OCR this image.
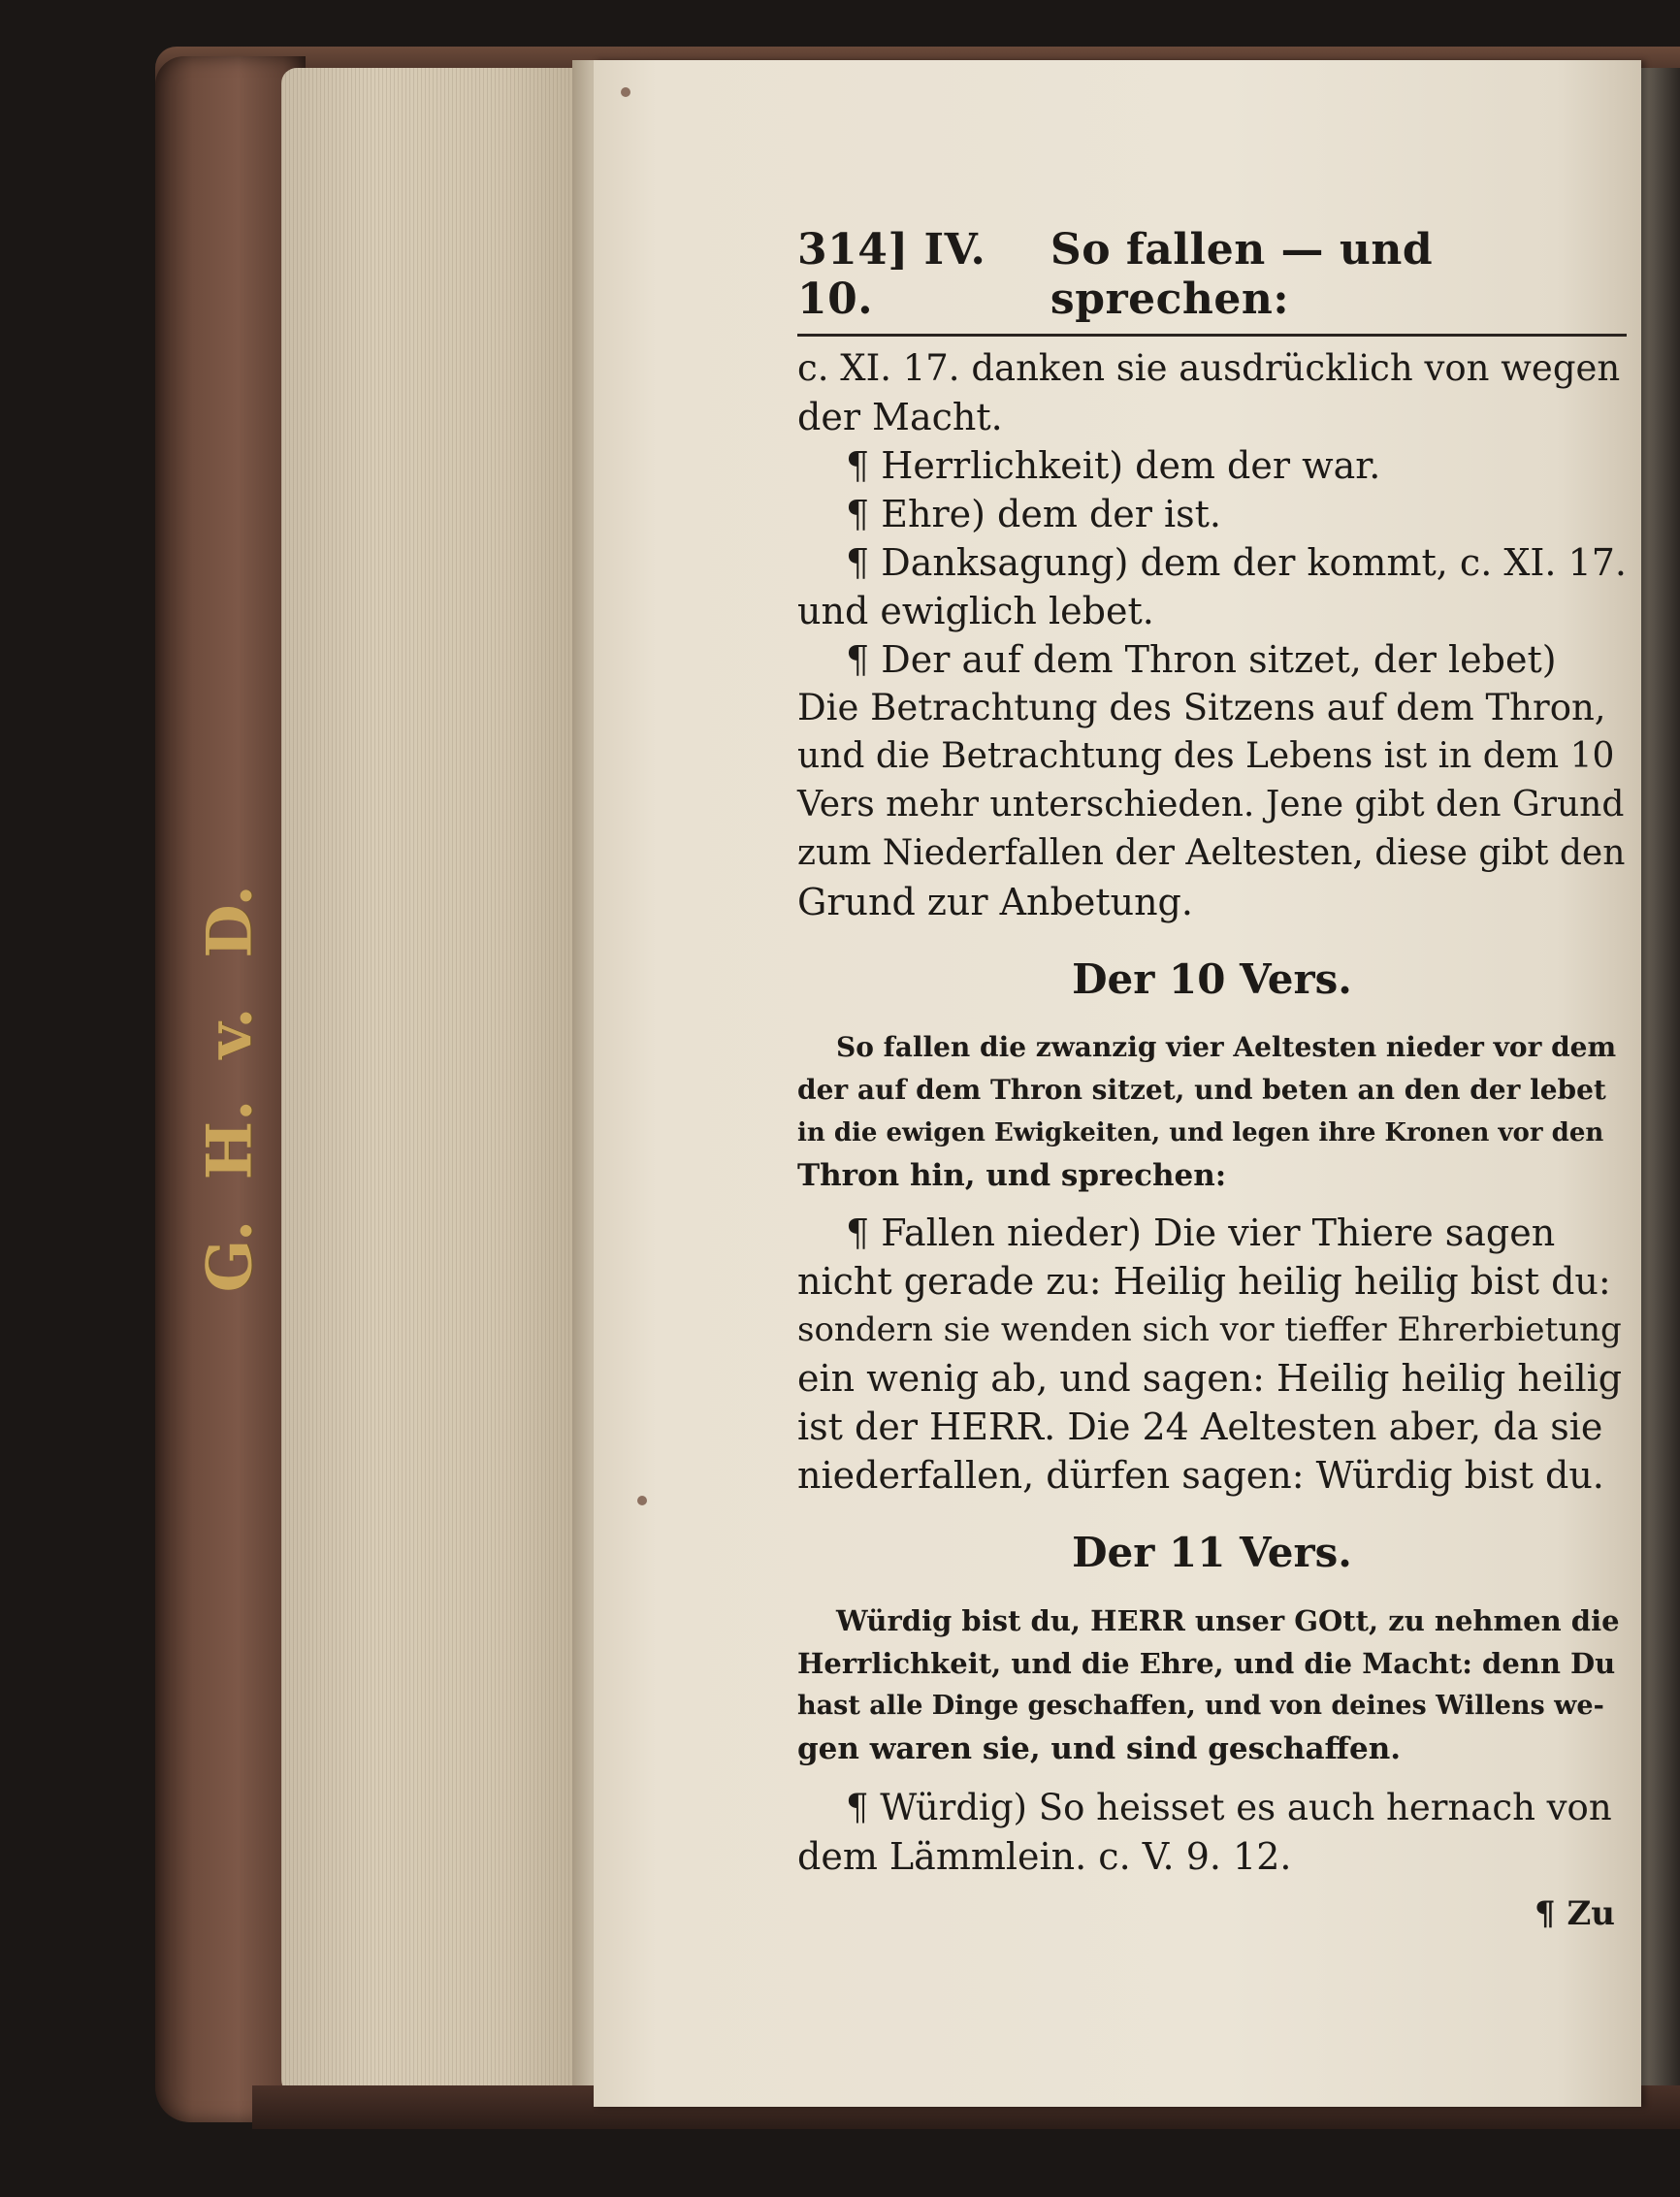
D.
v.
H.
G.
314] IV. 10.
So fallen — und sprechen:
c. XI. 17. danken sie ausdrücklich von wegen
der Macht.
¶ Herrlichkeit) dem der war.
¶ Ehre) dem der ist.
¶ Danksagung) dem der kommt, c. XI. 17.
und ewiglich lebet.
¶ Der auf dem Thron sitzet, der lebet)
Die Betrachtung des Sitzens auf dem Thron,
und die Betrachtung des Lebens ist in dem 10
Vers mehr unterschieden. Jene gibt den Grund
zum Niederfallen der Aeltesten, diese gibt den
Grund zur Anbetung.
Der 10 Vers.
So fallen die zwanzig vier Aeltesten nieder vor dem
der auf dem Thron sitzet, und beten an den der lebet
in die ewigen Ewigkeiten, und legen ihre Kronen vor den
Thron hin, und sprechen:
¶ Fallen nieder) Die vier Thiere sagen
nicht gerade zu: Heilig heilig heilig bist du:
sondern sie wenden sich vor tieffer Ehrerbietung
ein wenig ab, und sagen: Heilig heilig heilig
ist der HERR. Die 24 Aeltesten aber, da sie
niederfallen, dürfen sagen: Würdig bist du.
Der 11 Vers.
Würdig bist du, HERR unser GOtt, zu nehmen die
Herrlichkeit, und die Ehre, und die Macht: denn Du
hast alle Dinge geschaffen, und von deines Willens we-
gen waren sie, und sind geschaffen.
¶ Würdig) So heisset es auch hernach von
dem Lämmlein. c. V. 9. 12.
¶ Zu
